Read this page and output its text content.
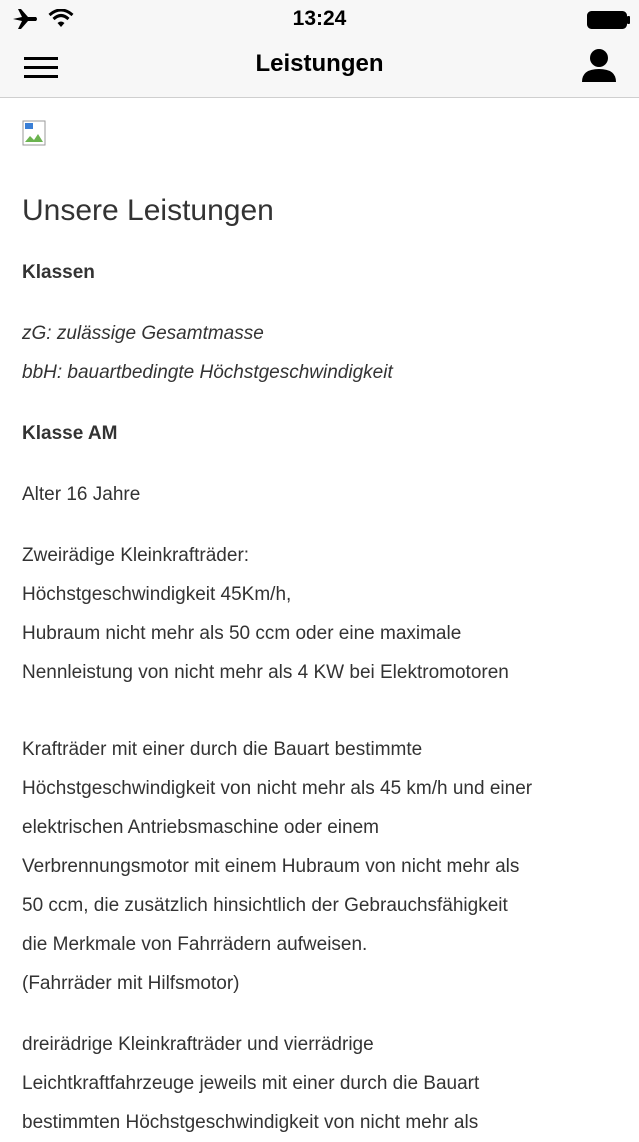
13:24
Leistungen
Unsere Leistungen

Klassen

zG: zulässige Gesamtmasse

bbH: bauartbedingte Höchstgeschwindigkeit

Klasse AM

Alter 16 Jahre

Zweirädige Kleinkrafträder:

Höchstgeschwindigkeit 45Km/h,

Hubraum nicht mehr als 50 ccm oder eine maximale

Nennleistung von nicht mehr als 4 KW bei Elektromotoren

Krafträder mit einer durch die Bauart bestimmte

Höchstgeschwindigkeit von nicht mehr als 45 km/h und einer

elektrischen Antriebsmaschine oder einem

Verbrennungsmotor mit einem Hubraum von nicht mehr als

50 ccm, die zusätzlich hinsichtlich der Gebrauchsfähigkeit

die Merkmale von Fahrrädern aufweisen.

(Fahrräder mit Hilfsmotor)

dreirädrige Kleinkrafträder und vierrädrige

Leichtkraftfahrzeuge jeweils mit einer durch die Bauart

bestimmten Höchstgeschwindigkeit von nicht mehr als
